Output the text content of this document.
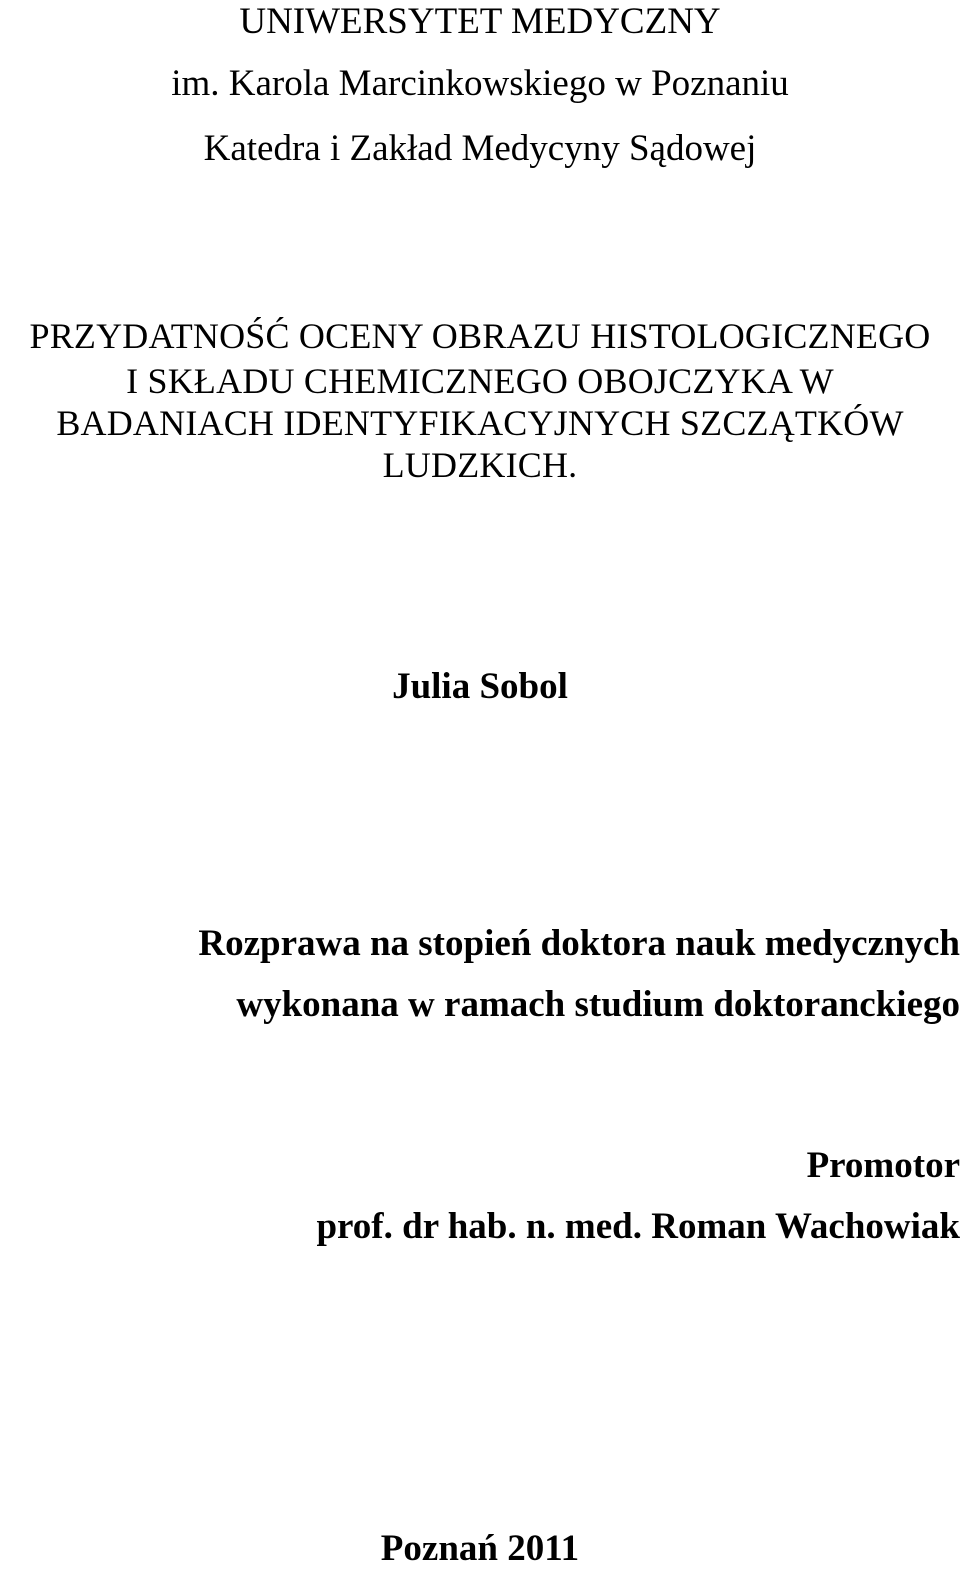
UNIWERSYTET MEDYCZNY
im. Karola Marcinkowskiego w Poznaniu
Katedra i Zakład Medycyny Sądowej
PRZYDATNOŚĆ OCENY OBRAZU HISTOLOGICZNEGO
I SKŁADU CHEMICZNEGO OBOJCZYKA W
BADANIACH IDENTYFIKACYJNYCH SZCZĄTKÓW
LUDZKICH.
Julia Sobol
Rozprawa na stopień doktora nauk medycznych
wykonana w ramach studium doktoranckiego
Promotor
prof. dr hab. n. med. Roman Wachowiak
Poznań 2011
